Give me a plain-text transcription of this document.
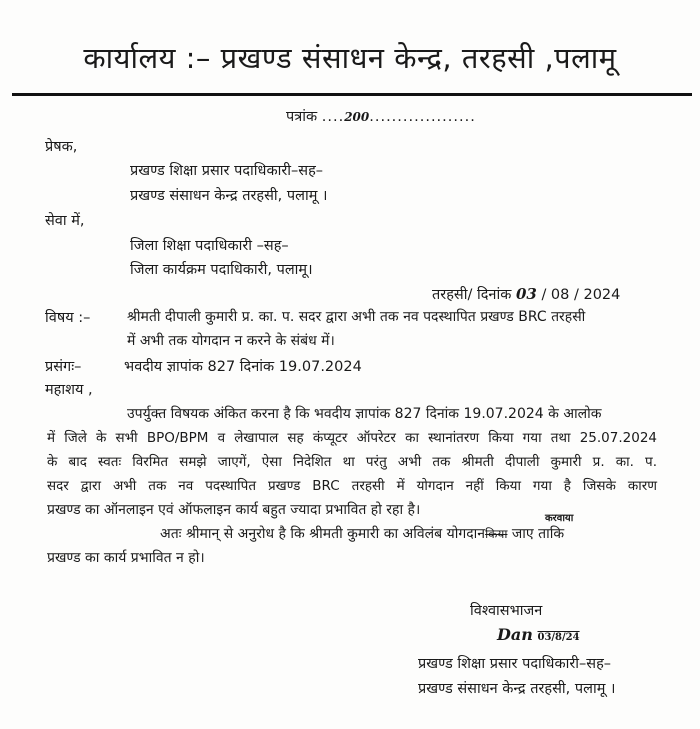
कार्यालय :– प्रखण्ड संसाधन केन्द्र, तरहसी ,पलामू
पत्रांक ....200...................
प्रेषक,
प्रखण्ड शिक्षा प्रसार पदाधिकारी–सह–
प्रखण्ड संसाधन केन्द्र तरहसी, पलामू ।
सेवा में,
जिला शिक्षा पदाधिकारी –सह–
जिला कार्यक्रम पदाधिकारी, पलामू।
तरहसी/ दिनांक 03 / 08 / 2024
विषय :–	श्रीमती दीपाली कुमारी प्र. का. प. सदर द्वारा अभी तक नव पदस्थापित प्रखण्ड BRC तरहसी
में अभी तक योगदान न करने के संबंध में।
प्रसंगः–	भवदीय ज्ञापांक 827 दिनांक 19.07.2024
महाशय ,
उपर्युक्त विषयक अंकित करना है कि भवदीय ज्ञापांक 827 दिनांक 19.07.2024 के आलोक
में जिले के सभी BPO/BPM व लेखापाल सह कंप्यूटर ऑपरेटर का स्थानांतरण किया गया तथा 25.07.2024
के बाद स्वतः विरमित समझे जाएगें, ऐसा निदेशित था परंतु अभी तक श्रीमती दीपाली कुमारी प्र. का. प.
सदर द्वारा अभी तक नव पदस्थापित प्रखण्ड BRC तरहसी में योगदान नहीं किया गया है जिसके कारण
प्रखण्ड का ऑनलाइन एवं ऑफलाइन कार्य बहुत ज्यादा प्रभावित हो रहा है।
अतः श्रीमान् से अनुरोध है कि श्रीमती कुमारी का अविलंब योगदानकिया जाए ताकि
करवाया
प्रखण्ड का कार्य प्रभावित न हो।
विश्वासभाजन
Dan 03/8/24
प्रखण्ड शिक्षा प्रसार पदाधिकारी–सह–
प्रखण्ड संसाधन केन्द्र तरहसी, पलामू ।
